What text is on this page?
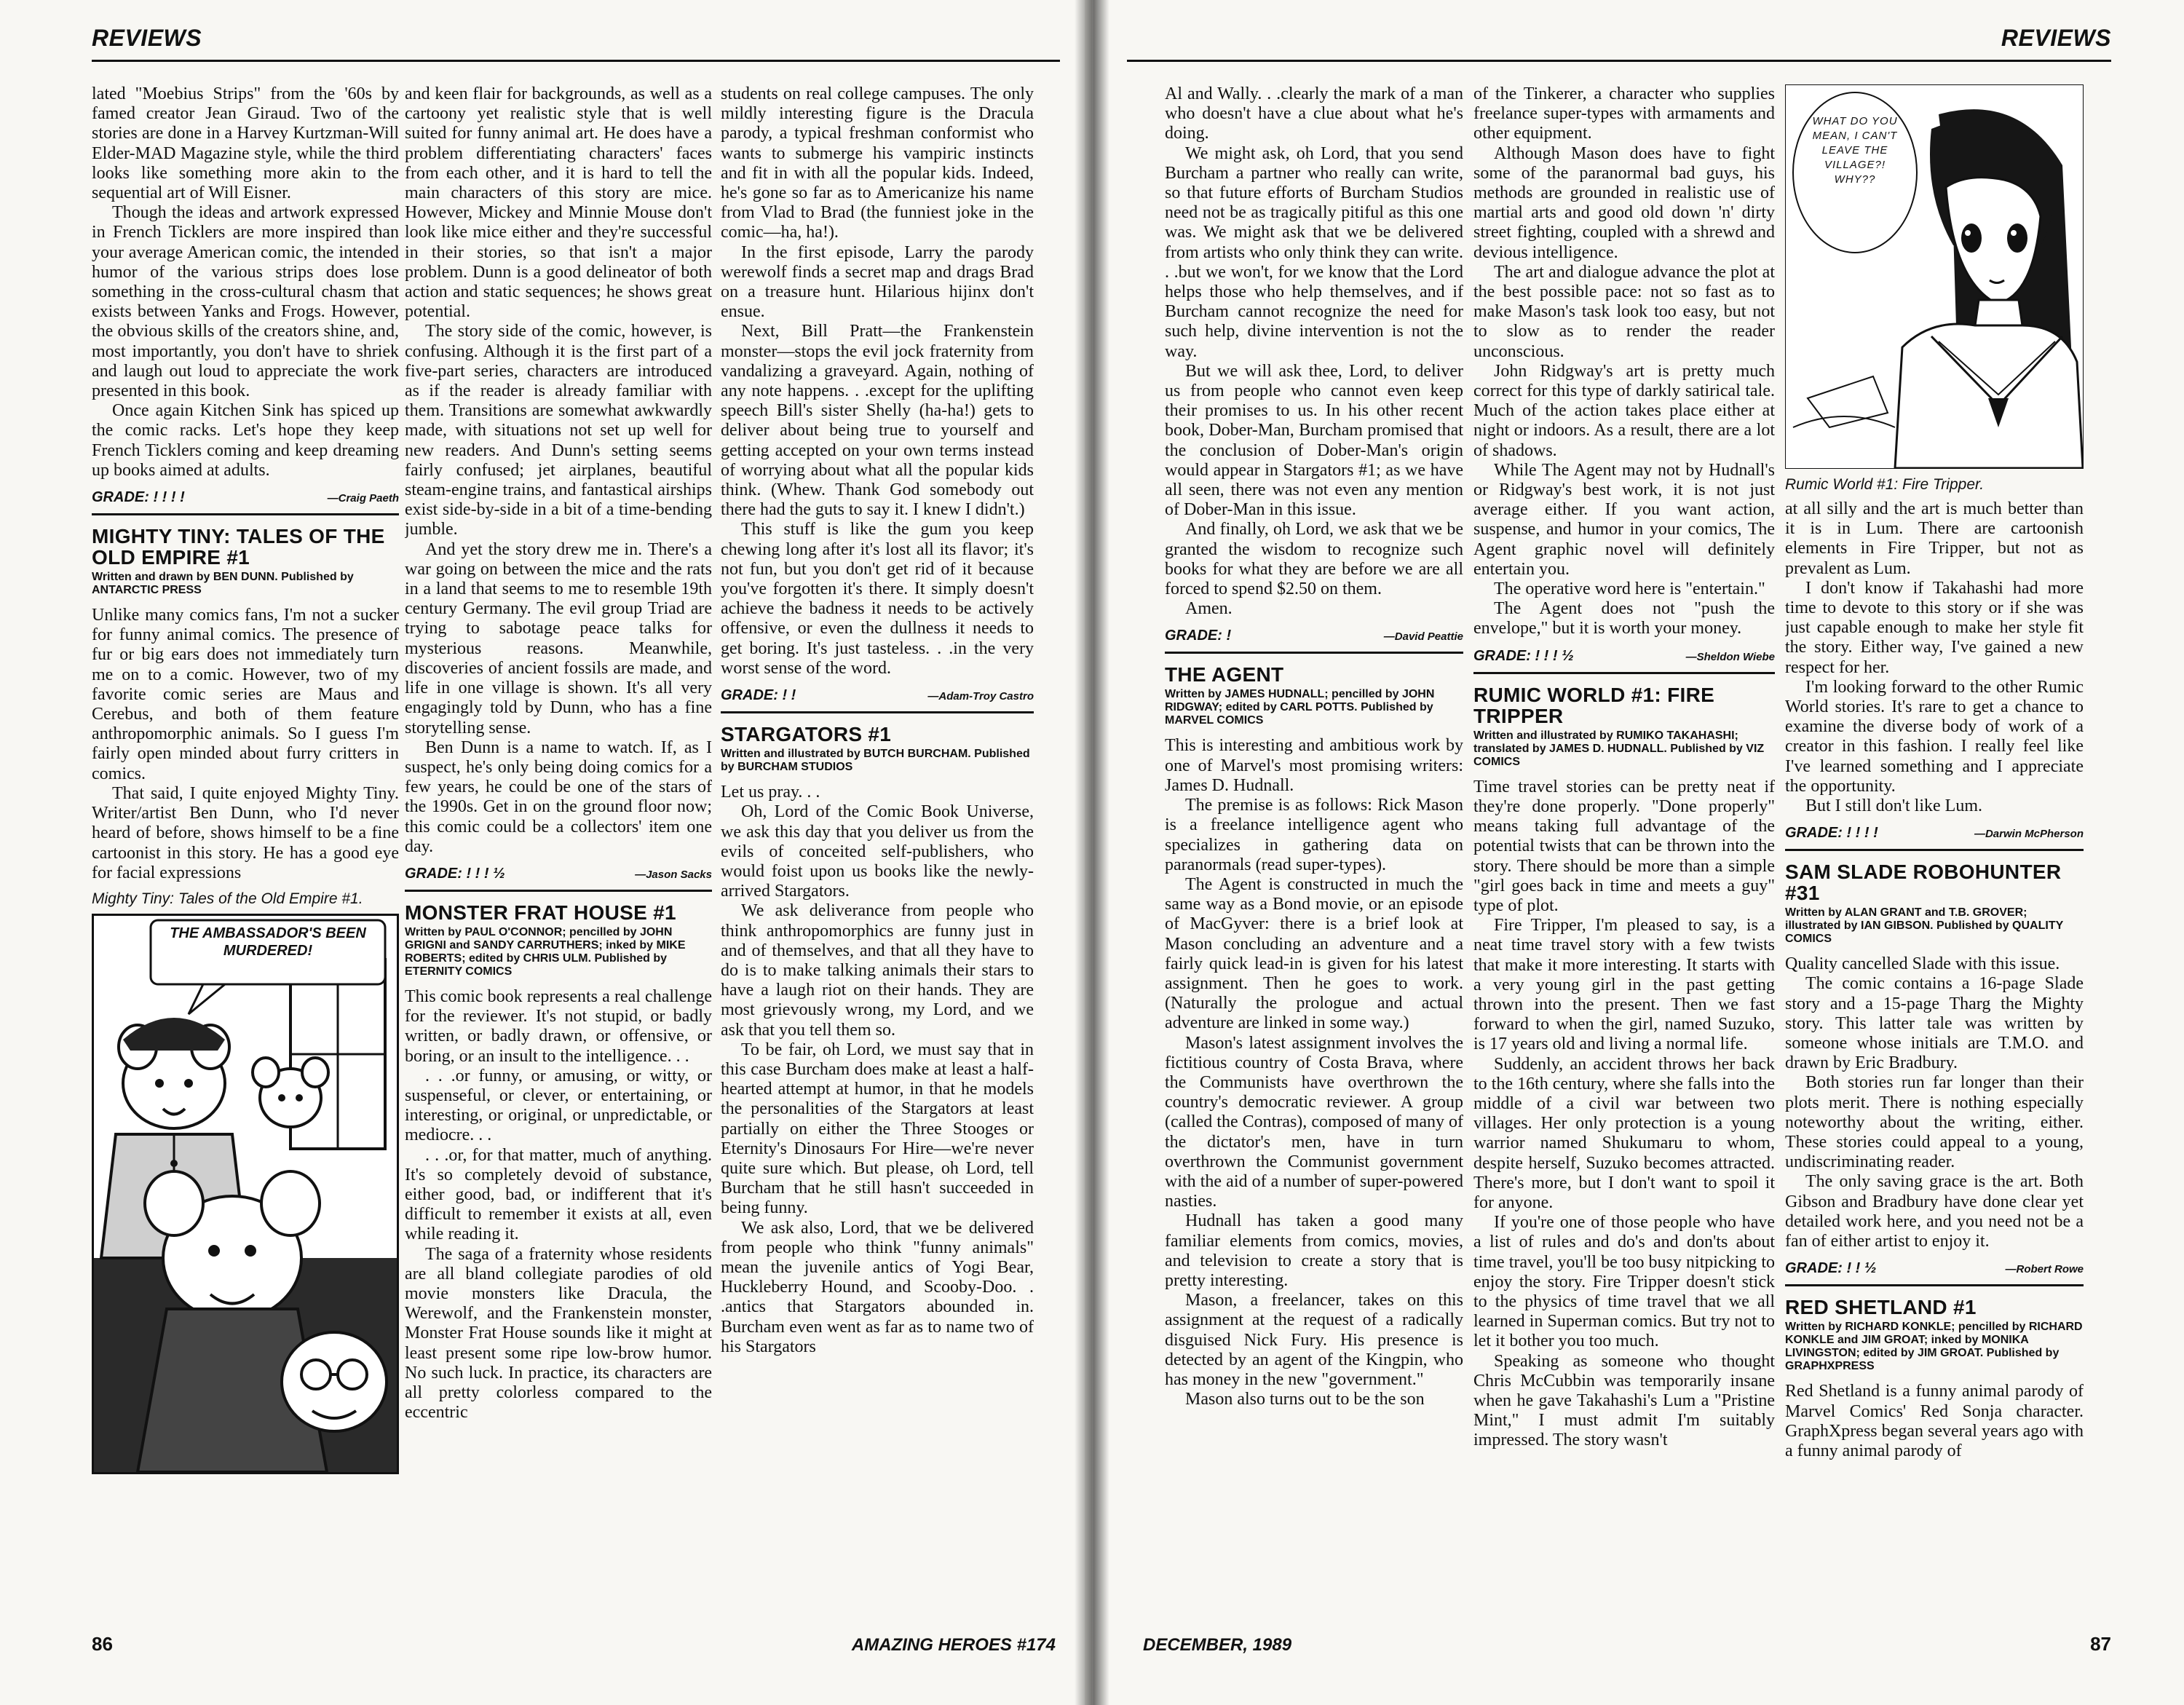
REVIEWS

lated "Moebius Strips" from the '60s by famed creator Jean Giraud. Two of the stories are done in a Harvey Kurtzman-Will Elder-MAD Magazine style, while the third looks like something more akin to the sequential art of Will Eisner.

Though the ideas and artwork expressed in French Ticklers are more inspired than your average American comic, the intended humor of the various strips does lose something in the cross-cultural chasm that exists between Yanks and Frogs. However, the obvious skills of the creators shine, and, most importantly, you don't have to shriek and laugh out loud to appreciate the work presented in this book.

Once again Kitchen Sink has spiced up the comic racks. Let's hope they keep French Ticklers coming and keep dreaming up books aimed at adults.

GRADE: ! ! ! !	—Craig Paeth
MIGHTY TINY: TALES OF THE OLD EMPIRE #1
Written and drawn by BEN DUNN. Published by ANTARCTIC PRESS

Unlike many comics fans, I'm not a sucker for funny animal comics. The presence of fur or big ears does not immediately turn me on to a comic. However, two of my favorite comic series are Maus and Cerebus, and both of them feature anthropomorphic animals. So I guess I'm fairly open minded about furry critters in comics.

That said, I quite enjoyed Mighty Tiny. Writer/artist Ben Dunn, who I'd never heard of before, shows himself to be a fine cartoonist in this story. He has a good eye for facial expressions

Mighty Tiny: Tales of the Old Empire #1.
THE AMBASSADOR'S BEEN MURDERED!

and keen flair for backgrounds, as well as a cartoony yet realistic style that is well suited for funny animal art. He does have a problem differentiating characters' faces from each other, and it is hard to tell the main characters of this story are mice. However, Mickey and Minnie Mouse don't look like mice either and they're successful in their stories, so that isn't a major problem. Dunn is a good delineator of both action and static sequences; he shows great potential.

The story side of the comic, however, is confusing. Although it is the first part of a five-part series, characters are introduced as if the reader is already familiar with them. Transitions are somewhat awkwardly made, with situations not set up well for new readers. And Dunn's setting seems fairly confused; jet airplanes, beautiful steam-engine trains, and fantastical airships exist side-by-side in a bit of a time-bending jumble.

And yet the story drew me in. There's a war going on between the mice and the rats in a land that seems to me to resemble 19th century Germany. The evil group Triad are trying to sabotage peace talks for mysterious reasons. Meanwhile, discoveries of ancient fossils are made, and life in one village is shown. It's all very engagingly told by Dunn, who has a fine storytelling sense.

Ben Dunn is a name to watch. If, as I suspect, he's only being doing comics for a few years, he could be one of the stars of the 1990s. Get in on the ground floor now; this comic could be a collectors' item one day.

GRADE: ! ! ! ½	—Jason Sacks
MONSTER FRAT HOUSE #1
Written by PAUL O'CONNOR; pencilled by JOHN GRIGNI and SANDY CARRUTHERS; inked by MIKE ROBERTS; edited by CHRIS ULM. Published by ETERNITY COMICS

This comic book represents a real challenge for the reviewer. It's not stupid, or badly written, or badly drawn, or offensive, or boring, or an insult to the intelligence. . .

. . .or funny, or amusing, or witty, or suspenseful, or clever, or entertaining, or interesting, or original, or unpredictable, or mediocre. . .

. . .or, for that matter, much of anything. It's so completely devoid of substance, either good, bad, or indifferent that it's difficult to remember it exists at all, even while reading it.

The saga of a fraternity whose residents are all bland collegiate parodies of old movie monsters like Dracula, the Werewolf, and the Frankenstein monster, Monster Frat House sounds like it might at least present some ripe low-brow humor. No such luck. In practice, its characters are all pretty colorless compared to the eccentric

students on real college campuses. The only mildly interesting figure is the Dracula parody, a typical freshman conformist who wants to submerge his vampiric instincts and fit in with all the popular kids. Indeed, he's gone so far as to Americanize his name from Vlad to Brad (the funniest joke in the comic—ha, ha!).

In the first episode, Larry the parody werewolf finds a secret map and drags Brad on a treasure hunt. Hilarious hijinx don't ensue.

Next, Bill Pratt—the Frankenstein monster—stops the evil jock fraternity from vandalizing a graveyard. Again, nothing of any note happens. . .except for the uplifting speech Bill's sister Shelly (ha-ha!) gets to deliver about being true to yourself and getting accepted on your own terms instead of worrying about what all the popular kids think. (Whew. Thank God somebody out there had the guts to say it. I knew I didn't.)

This stuff is like the gum you keep chewing long after it's lost all its flavor; it's not fun, but you don't get rid of it because you've forgotten it's there. It simply doesn't achieve the badness it needs to be actively offensive, or even the dullness it needs to get boring. It's just tasteless. . .in the very worst sense of the word.

GRADE: ! !	—Adam-Troy Castro
STARGATORS #1
Written and illustrated by BUTCH BURCHAM. Published by BURCHAM STUDIOS

Let us pray. . .

Oh, Lord of the Comic Book Universe, we ask this day that you deliver us from the evils of conceited self-publishers, who would foist upon us books like the newly-arrived Stargators.

We ask deliverance from people who think anthropomorphics are funny just in and of themselves, and that all they have to do is to make talking animals their stars to have a laugh riot on their hands. They are most grievously wrong, my Lord, and we ask that you tell them so.

To be fair, oh Lord, we must say that in this case Burcham does make at least a half-hearted attempt at humor, in that he models the personalities of the Stargators at least partially on either the Three Stooges or Eternity's Dinosaurs For Hire—we're never quite sure which. But please, oh Lord, tell Burcham that he still hasn't succeeded in being funny.

We ask also, Lord, that we be delivered from people who think "funny animals" mean the juvenile antics of Yogi Bear, Huckleberry Hound, and Scooby-Doo. . .antics that Stargators abounded in. Burcham even went as far as to name two of his Stargators

86	AMAZING HEROES #174
REVIEWS

Al and Wally. . .clearly the mark of a man who doesn't have a clue about what he's doing.

We might ask, oh Lord, that you send Burcham a partner who really can write, so that future efforts of Burcham Studios need not be as tragically pitiful as this one was. We might ask that we be delivered from artists who only think they can write. . .but we won't, for we know that the Lord helps those who help themselves, and if Burcham cannot recognize the need for such help, divine intervention is not the way.

But we will ask thee, Lord, to deliver us from people who cannot even keep their promises to us. In his other recent book, Dober-Man, Burcham promised that the conclusion of Dober-Man's origin would appear in Stargators #1; as we have all seen, there was not even any mention of Dober-Man in this issue.

And finally, oh Lord, we ask that we be granted the wisdom to recognize such books for what they are before we are all forced to spend $2.50 on them.

Amen.

GRADE: !	—David Peattie
THE AGENT
Written by JAMES HUDNALL; pencilled by JOHN RIDGWAY; edited by CARL POTTS. Published by MARVEL COMICS

This is interesting and ambitious work by one of Marvel's most promising writers: James D. Hudnall.

The premise is as follows: Rick Mason is a freelance intelligence agent who specializes in gathering data on paranormals (read super-types).

The Agent is constructed in much the same way as a Bond movie, or an episode of MacGyver: there is a brief look at Mason concluding an adventure and a fairly quick lead-in is given for his latest assignment. Then he goes to work. (Naturally the prologue and actual adventure are linked in some way.)

Mason's latest assignment involves the fictitious country of Costa Brava, where the Communists have overthrown the country's democratic reviewer. A group (called the Contras), composed of many of the dictator's men, have in turn overthrown the Communist government with the aid of a number of super-powered nasties.

Hudnall has taken a good many familiar elements from comics, movies, and television to create a story that is pretty interesting.

Mason, a freelancer, takes on this assignment at the request of a radically disguised Nick Fury. His presence is detected by an agent of the Kingpin, who has money in the new "government."

Mason also turns out to be the son

of the Tinkerer, a character who supplies freelance super-types with armaments and other equipment.

Although Mason does have to fight some of the paranormal bad guys, his methods are grounded in realistic use of martial arts and good old down 'n' dirty street fighting, coupled with a shrewd and devious intelligence.

The art and dialogue advance the plot at the best possible pace: not so fast as to make Mason's task look too easy, but not to slow as to render the reader unconscious.

John Ridgway's art is pretty much correct for this type of darkly satirical tale. Much of the action takes place either at night or indoors. As a result, there are a lot of shadows.

While The Agent may not by Hudnall's or Ridgway's best work, it is not just average either. If you want action, suspense, and humor in your comics, The Agent graphic novel will definitely entertain you.

The operative word here is "entertain."

The Agent does not "push the envelope," but it is worth your money.

GRADE: ! ! ! ½	—Sheldon Wiebe
RUMIC WORLD #1: FIRE TRIPPER
Written and illustrated by RUMIKO TAKAHASHI; translated by JAMES D. HUDNALL. Published by VIZ COMICS

Time travel stories can be pretty neat if they're done properly. "Done properly" means taking full advantage of the potential twists that can be thrown into the story. There should be more than a simple "girl goes back in time and meets a guy" type of plot.

Fire Tripper, I'm pleased to say, is a neat time travel story with a few twists that make it more interesting. It starts with a very young girl in the past getting thrown into the present. Then we fast forward to when the girl, named Suzuko, is 17 years old and living a normal life.

Suddenly, an accident throws her back to the 16th century, where she falls into the middle of a civil war between two villages. Her only protection is a young warrior named Shukumaru to whom, despite herself, Suzuko becomes attracted. There's more, but I don't want to spoil it for anyone.

If you're one of those people who have a list of rules and do's and don'ts about time travel, you'll be too busy nitpicking to enjoy the story. Fire Tripper doesn't stick to the physics of time travel that we all learned in Superman comics. But try not to let it bother you too much.

Speaking as someone who thought Chris McCubbin was temporarily insane when he gave Takahashi's Lum a "Pristine Mint," I must admit I'm suitably impressed. The story wasn't

WHAT DO YOU MEAN, I CAN'T LEAVE THE VILLAGE?! WHY??
Rumic World #1: Fire Tripper.

at all silly and the art is much better than it is in Lum. There are cartoonish elements in Fire Tripper, but not as prevalent as Lum.

I don't know if Takahashi had more time to devote to this story or if she was just capable enough to make her style fit the story. Either way, I've gained a new respect for her.

I'm looking forward to the other Rumic World stories. It's rare to get a chance to examine the diverse body of work of a creator in this fashion. I really feel like I've learned something and I appreciate the opportunity.

But I still don't like Lum.

GRADE: ! ! ! !	—Darwin McPherson
SAM SLADE ROBOHUNTER #31
Written by ALAN GRANT and T.B. GROVER; illustrated by IAN GIBSON. Published by QUALITY COMICS

Quality cancelled Slade with this issue.

The comic contains a 16-page Slade story and a 15-page Tharg the Mighty story. This latter tale was written by someone whose initials are T.M.O. and drawn by Eric Bradbury.

Both stories run far longer than their plots merit. There is nothing especially noteworthy about the writing, either. These stories could appeal to a young, undiscriminating reader.

The only saving grace is the art. Both Gibson and Bradbury have done clear yet detailed work here, and you need not be a fan of either artist to enjoy it.

GRADE: ! ! ½	—Robert Rowe
RED SHETLAND #1
Written by RICHARD KONKLE; pencilled by RICHARD KONKLE and JIM GROAT; inked by MONIKA LIVINGSTON; edited by JIM GROAT. Published by GRAPHXPRESS

Red Shetland is a funny animal parody of Marvel Comics' Red Sonja character. GraphXpress began several years ago with a funny animal parody of

DECEMBER, 1989	87
